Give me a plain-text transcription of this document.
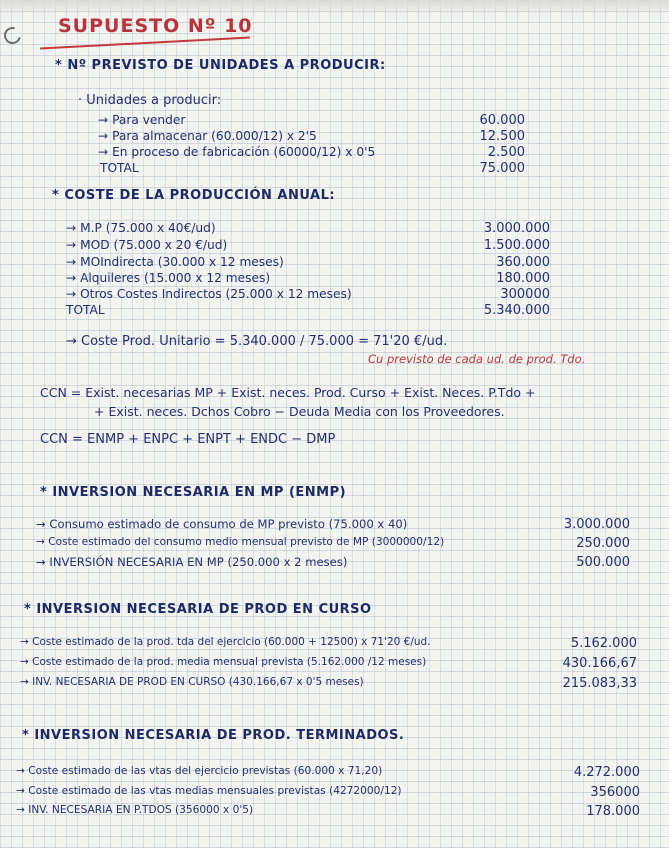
SUPUESTO Nº 10
* Nº PREVISTO DE UNIDADES A PRODUCIR:
· Unidades a producir:
→ Para vender	60.000
→ Para almacenar (60.000/12) x 2'5	12.500
→ En proceso de fabricación (60000/12) x 0'5	2.500
TOTAL	75.000
* COSTE DE LA PRODUCCIÓN ANUAL:
→ M.P (75.000 x 40€/ud)	3.000.000
→ MOD (75.000 x 20 €/ud)	1.500.000
→ MOIndirecta (30.000 x 12 meses)	360.000
→ Alquileres (15.000 x 12 meses)	180.000
→ Otros Costes Indirectos (25.000 x 12 meses)	300000
TOTAL	5.340.000
→ Coste Prod. Unitario = 5.340.000 / 75.000 = 71'20 €/ud.
Cu previsto de cada ud. de prod. Tdo.
CCN = Exist. necesarias MP + Exist. neces. Prod. Curso + Exist. Neces. P.Tdo +
+ Exist. neces. Dchos Cobro − Deuda Media con los Proveedores.
CCN = ENMP + ENPC + ENPT + ENDC − DMP
* INVERSION NECESARIA EN MP (ENMP)
→ Consumo estimado de consumo de MP previsto (75.000 x 40)	3.000.000
→ Coste estimado del consumo medio mensual previsto de MP (3000000/12)	250.000
→ INVERSIÓN NECESARIA EN MP (250.000 x 2 meses)	500.000
* INVERSION NECESARIA DE PROD EN CURSO
→ Coste estimado de la prod. tda del ejercicio (60.000 + 12500) x 71'20 €/ud.	5.162.000
→ Coste estimado de la prod. media mensual prevista (5.162.000 /12 meses)	430.166,67
→ INV. NECESARIA DE PROD EN CURSO (430.166,67 x 0'5 meses)	215.083,33
* INVERSION NECESARIA DE PROD. TERMINADOS.
→ Coste estimado de las vtas del ejercicio previstas (60.000 x 71,20)	4.272.000
→ Coste estimado de las vtas medias mensuales previstas (4272000/12)	356000
→ INV. NECESARIA EN P.TDOS (356000 x 0'5)	178.000
